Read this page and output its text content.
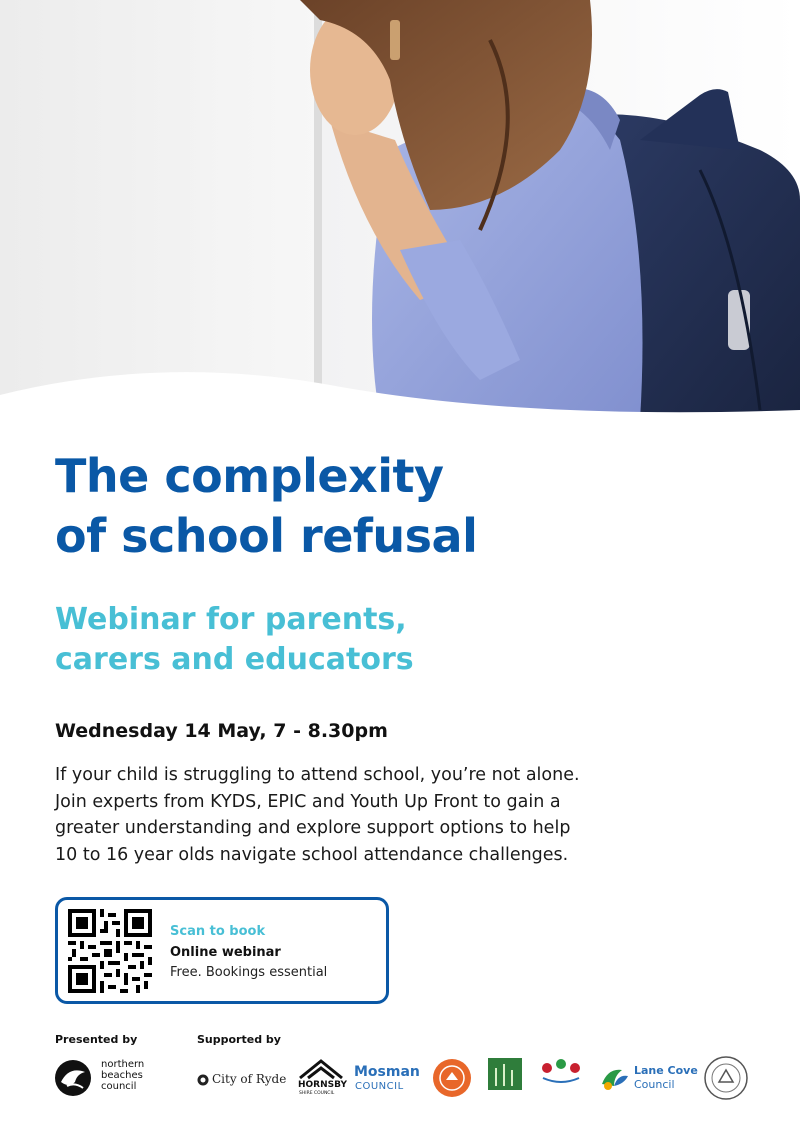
The complexity
of school refusal
Webinar for parents,
carers and educators

Wednesday 14 May, 7 - 8.30pm

If your child is struggling to attend school, you’re not alone.
Join experts from KYDS, EPIC and Youth Up Front to gain a
greater understanding and explore support options to help
10 to 16 year olds navigate school attendance challenges.

Scan to book
Online webinar
Free. Bookings essential
Presented by	Supported by
northern
beaches
council
City of Ryde HORNSBY
SHIRE COUNCIL
Mosman
COUNCIL
Lane Cove
Council
